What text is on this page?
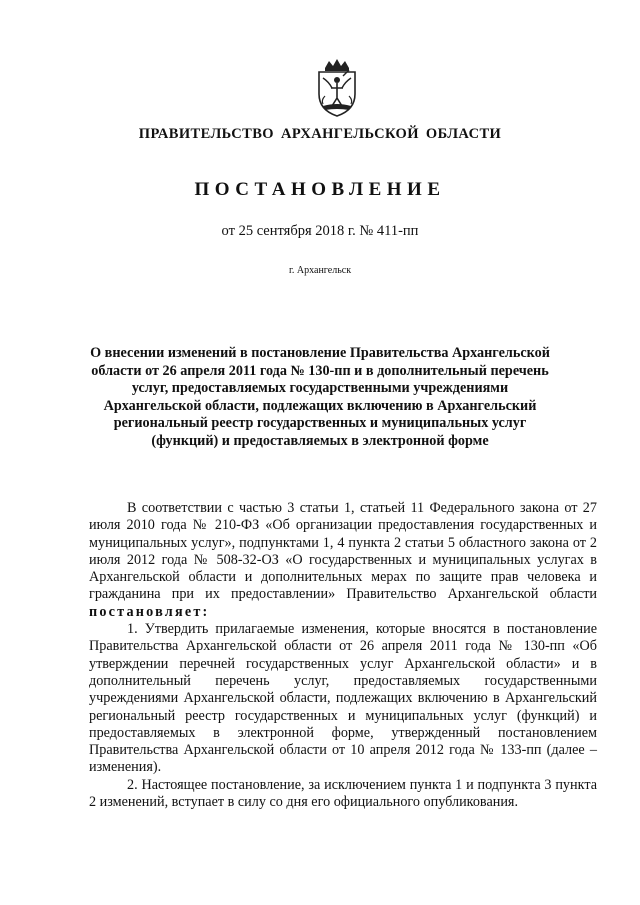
ПРАВИТЕЛЬСТВО АРХАНГЕЛЬСКОЙ ОБЛАСТИ
ПОСТАНОВЛЕНИЕ
от 25 сентября 2018 г. № 411-пп
г. Архангельск
О внесении изменений в постановление Правительства Архангельской области от 26 апреля 2011 года № 130-пп и в дополнительный перечень услуг, предоставляемых государственными учреждениями Архангельской области, подлежащих включению в Архангельский региональный реестр государственных и муниципальных услуг (функций) и предоставляемых в электронной форме

В соответствии с частью 3 статьи 1, статьей 11 Федерального закона от 27 июля 2010 года № 210-ФЗ «Об организации предоставления государственных и муниципальных услуг», подпунктами 1, 4 пункта 2 статьи 5 областного закона от 2 июля 2012 года № 508-32-ОЗ «О государственных и муниципальных услугах в Архангельской области и дополнительных мерах по защите прав человека и гражданина при их предоставлении» Правительство Архангельской области постановляет:

1. Утвердить прилагаемые изменения, которые вносятся в постановление Правительства Архангельской области от 26 апреля 2011 года № 130-пп «Об утверждении перечней государственных услуг Архангельской области» и в дополнительный перечень услуг, предоставляемых государственными учреждениями Архангельской области, подлежащих включению в Архангельский региональный реестр государственных и муниципальных услуг (функций) и предоставляемых в электронной форме, утвержденный постановлением Правительства Архангельской области от 10 апреля 2012 года № 133-пп (далее – изменения).

2. Настоящее постановление, за исключением пункта 1 и подпункта 3 пункта 2 изменений, вступает в силу со дня его официального опубликования.
